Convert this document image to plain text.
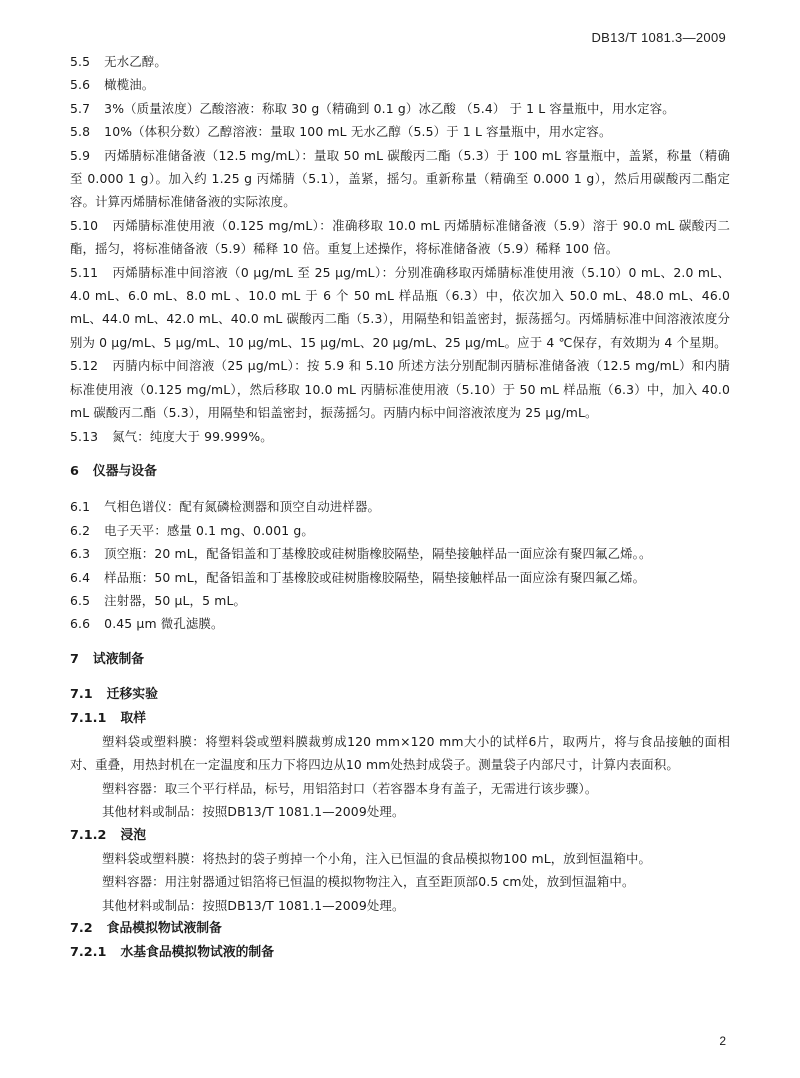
DB13/T 1081.3—2009
5.5 无水乙醇。
5.6 橄榄油。
5.7 3%（质量浓度）乙酸溶液：称取 30 g（精确到 0.1 g）冰乙酸 （5.4） 于 1 L 容量瓶中，用水定容。
5.8 10%（体积分数）乙醇溶液：量取 100 mL 无水乙醇（5.5）于 1 L 容量瓶中，用水定容。
5.9 丙烯腈标准储备液（12.5 mg/mL）：量取 50 mL 碳酸丙二酯（5.3）于 100 mL 容量瓶中，盖紧，称量（精确至 0.000 1 g）。加入约 1.25 g 丙烯腈（5.1），盖紧，摇匀。重新称量（精确至 0.000 1 g），然后用碳酸丙二酯定容。计算丙烯腈标准储备液的实际浓度。
5.10 丙烯腈标准使用液（0.125 mg/mL）：准确移取 10.0 mL 丙烯腈标准储备液（5.9）溶于 90.0 mL 碳酸丙二酯，摇匀，将标准储备液（5.9）稀释 10 倍。重复上述操作，将标准储备液（5.9）稀释 100 倍。
5.11 丙烯腈标准中间溶液（0 μg/mL 至 25 μg/mL）：分别准确移取丙烯腈标准使用液（5.10）0 mL、2.0 mL、4.0 mL、6.0 mL、8.0 mL 、10.0 mL 于 6 个 50 mL 样品瓶（6.3）中，依次加入 50.0 mL、48.0 mL、46.0 mL、44.0 mL、42.0 mL、40.0 mL 碳酸丙二酯（5.3），用隔垫和铝盖密封，振荡摇匀。丙烯腈标准中间溶液浓度分别为 0 μg/mL、5 μg/mL、10 μg/mL、15 μg/mL、20 μg/mL、25 μg/mL。应于 4 ℃保存，有效期为 4 个星期。
5.12 丙腈内标中间溶液（25 μg/mL）：按 5.9 和 5.10 所述方法分别配制丙腈标准储备液（12.5 mg/mL）和内腈标准使用液（0.125 mg/mL），然后移取 10.0 mL 丙腈标准使用液（5.10）于 50 mL 样品瓶（6.3）中，加入 40.0 mL 碳酸丙二酯（5.3），用隔垫和铝盖密封，振荡摇匀。丙腈内标中间溶液浓度为 25 μg/mL。
5.13 氮气：纯度大于 99.999%。
6 仪器与设备
6.1 气相色谱仪：配有氮磷检测器和顶空自动进样器。
6.2 电子天平：感量 0.1 mg、0.001 g。
6.3 顶空瓶：20 mL，配备铝盖和丁基橡胶或硅树脂橡胶隔垫，隔垫接触样品一面应涂有聚四氟乙烯。。
6.4 样品瓶：50 mL，配备铝盖和丁基橡胶或硅树脂橡胶隔垫，隔垫接触样品一面应涂有聚四氟乙烯。
6.5 注射器，50 μL，5 mL。
6.6 0.45 μm 微孔滤膜。
7 试液制备
7.1 迁移实验
7.1.1 取样
塑料袋或塑料膜：将塑料袋或塑料膜裁剪成120 mm×120 mm大小的试样6片，取两片，将与食品接触的面相对、重叠，用热封机在一定温度和压力下将四边从10 mm处热封成袋子。测量袋子内部尺寸，计算内表面积。
塑料容器：取三个平行样品，标号，用铝箔封口（若容器本身有盖子，无需进行该步骤）。
其他材料或制品：按照DB13/T 1081.1—2009处理。
7.1.2 浸泡
塑料袋或塑料膜：将热封的袋子剪掉一个小角，注入已恒温的食品模拟物100 mL，放到恒温箱中。
塑料容器：用注射器通过铝箔将已恒温的模拟物物注入，直至距顶部0.5 cm处，放到恒温箱中。
其他材料或制品：按照DB13/T 1081.1—2009处理。
7.2 食品模拟物试液制备
7.2.1 水基食品模拟物试液的制备
2
